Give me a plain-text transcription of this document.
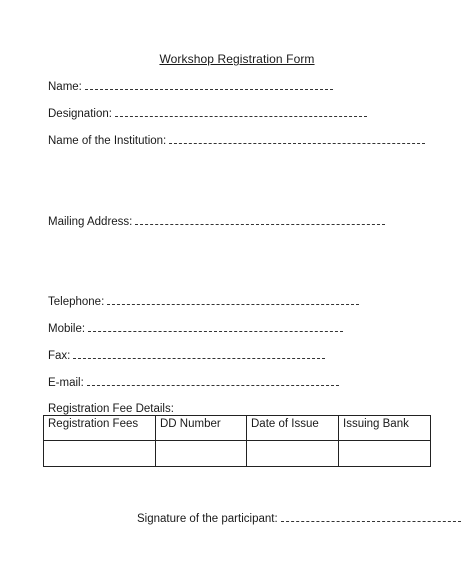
Workshop Registration Form
Name:
Designation:
Name of the Institution:
Mailing Address:
Telephone:
Mobile:
Fax:
E-mail:
Registration Fee Details:
Registration Fees	DD Number	Date of Issue	Issuing Bank

Signature of the participant:
